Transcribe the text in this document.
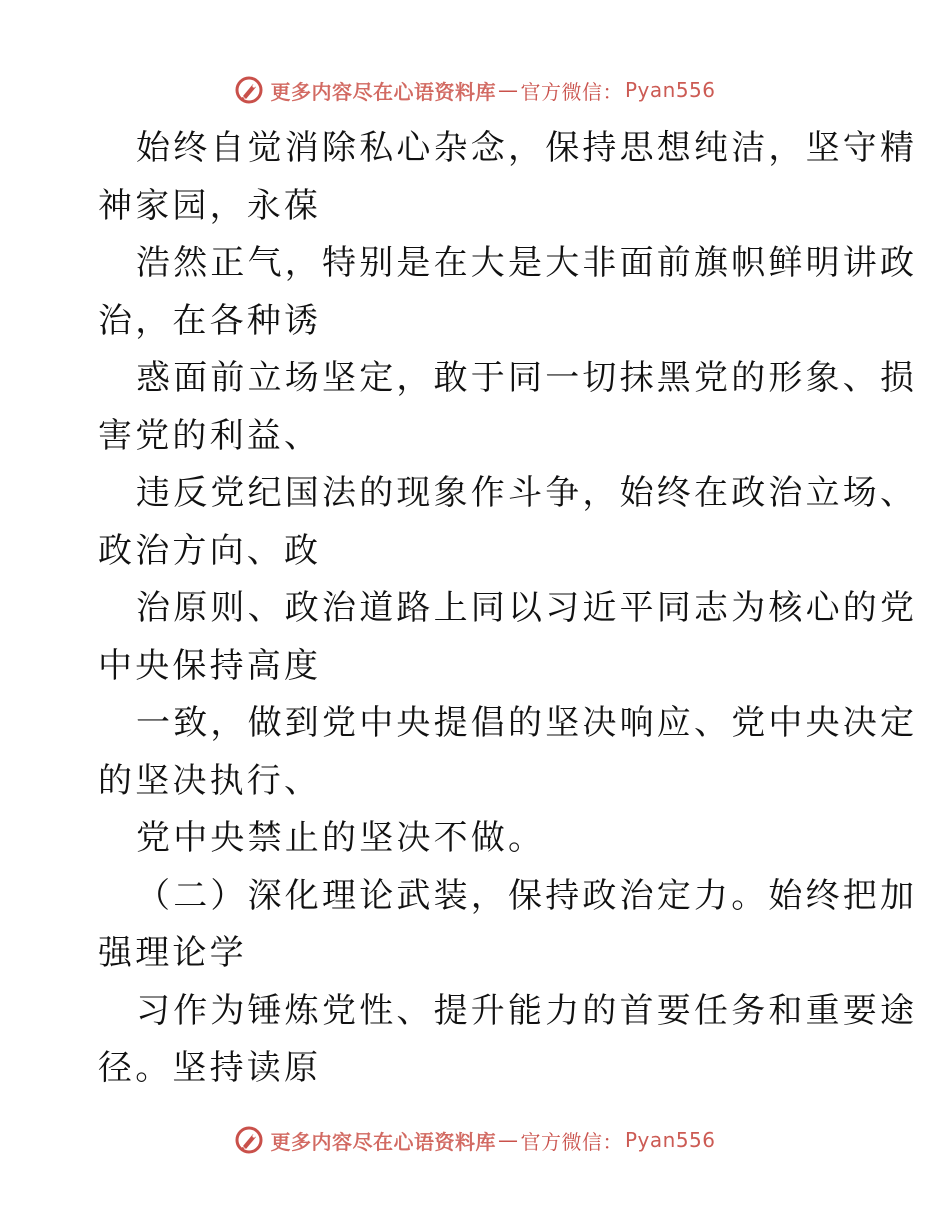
更多内容尽在心语资料库 — 官方微信： Pyan556
始终自觉消除私心杂念，保持思想纯洁，坚守精
神家园，永葆
浩然正气，特别是在大是大非面前旗帜鲜明讲政
治，在各种诱
惑面前立场坚定，敢于同一切抹黑党的形象、损
害党的利益、
违反党纪国法的现象作斗争，始终在政治立场、
政治方向、政
治原则、政治道路上同以习近平同志为核心的党
中央保持高度
一致，做到党中央提倡的坚决响应、党中央决定
的坚决执行、
党中央禁止的坚决不做。
（二）深化理论武装，保持政治定力。始终把加
强理论学
习作为锤炼党性、提升能力的首要任务和重要途
径。坚持读原
更多内容尽在心语资料库 — 官方微信： Pyan556
